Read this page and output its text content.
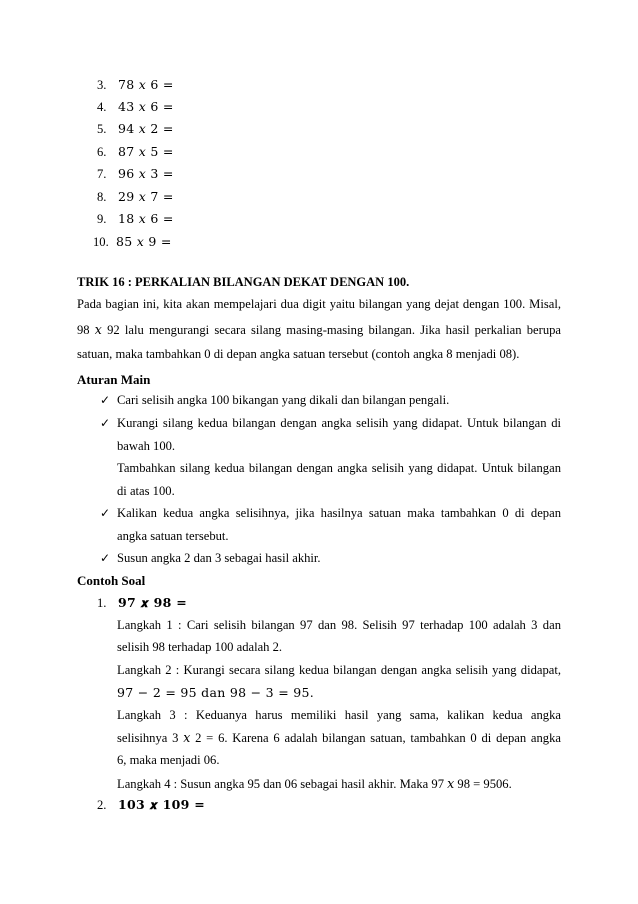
3. 78 𝑥 6 =
4. 43 𝑥 6 =
5. 94 𝑥 2 =
6. 87 𝑥 5 =
7. 96 𝑥 3 =
8. 29 𝑥 7 =
9. 18 𝑥 6 =
10. 85 𝑥 9 =
TRIK 16 : PERKALIAN BILANGAN DEKAT DENGAN 100.
Pada bagian ini, kita akan mempelajari dua digit yaitu bilangan yang dejat dengan 100. Misal,
98 𝑥 92 lalu mengurangi secara silang masing-masing bilangan. Jika hasil perkalian berupa
satuan, maka tambahkan 0 di depan angka satuan tersebut (contoh angka 8 menjadi 08).
Aturan Main
✓ Cari selisih angka 100 bikangan yang dikali dan bilangan pengali.
✓ Kurangi silang kedua bilangan dengan angka selisih yang didapat. Untuk bilangan di
bawah 100.
Tambahkan silang kedua bilangan dengan angka selisih yang didapat. Untuk bilangan
di atas 100.
✓ Kalikan kedua angka selisihnya, jika hasilnya satuan maka tambahkan 0 di depan
angka satuan tersebut.
✓ Susun angka 2 dan 3 sebagai hasil akhir.
Contoh Soal
1. 𝟗𝟕 𝒙 𝟗𝟖 =
Langkah 1 : Cari selisih bilangan 97 dan 98. Selisih 97 terhadap 100 adalah 3 dan
selisih 98 terhadap 100 adalah 2.
Langkah 2 : Kurangi secara silang kedua bilangan dengan angka selisih yang didapat,
97 − 2 = 95 dan 98 − 3 = 95.
Langkah 3 : Keduanya harus memiliki hasil yang sama, kalikan kedua angka
selisihnya 3 𝑥 2 = 6. Karena 6 adalah bilangan satuan, tambahkan 0 di depan angka
6, maka menjadi 06.
Langkah 4 : Susun angka 95 dan 06 sebagai hasil akhir. Maka 97 𝑥 98 = 9506.
2. 𝟏𝟎𝟑 𝒙 𝟏𝟎𝟗 =
